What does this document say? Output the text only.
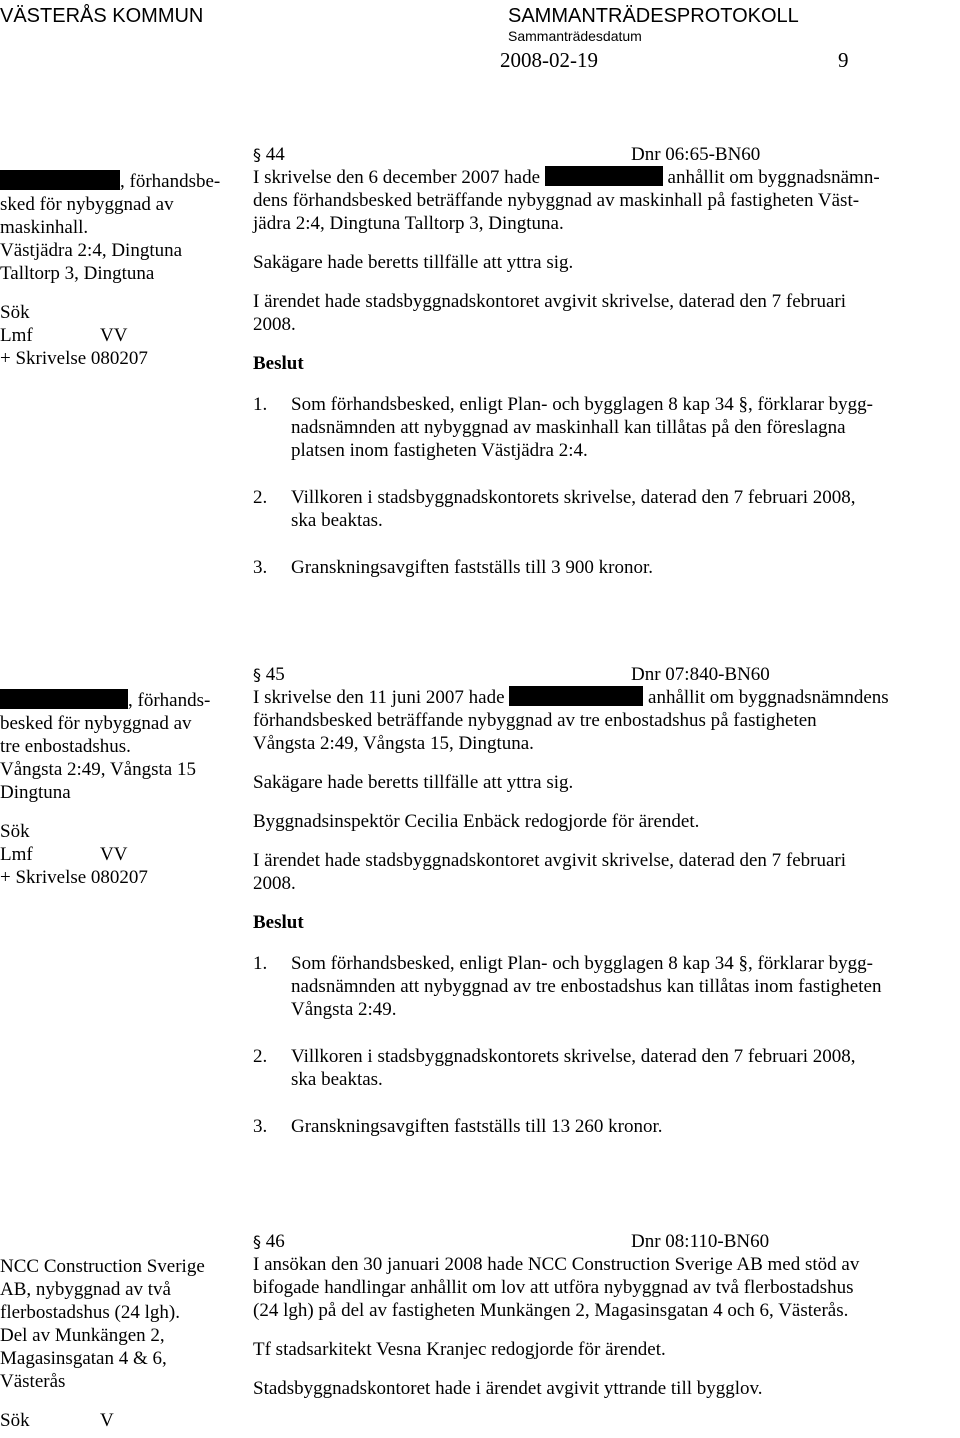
VÄSTERÅS KOMMUN	SAMMANTRÄDESPROTOKOLL
Sammanträdesdatum
2008-02-19	9
, förhandsbe-
sked för nybyggnad av
maskinhall.
Västjädra 2:4, Dingtuna
Talltorp 3, Dingtuna
Sök
Lmf	VV
+ Skrivelse 080207
§ 44	Dnr 06:65-BN60
I skrivelse den 6 december 2007 hade	anhållit om byggnadsnämn-
dens förhandsbesked beträffande nybyggnad av maskinhall på fastigheten Väst-
jädra 2:4, Dingtuna Talltorp 3, Dingtuna.
Sakägare hade beretts tillfälle att yttra sig.
I ärendet hade stadsbyggnadskontoret avgivit skrivelse, daterad den 7 februari
2008.
Beslut
1. Som förhandsbesked, enligt Plan- och bygglagen 8 kap 34 §, förklarar bygg-
nadsnämnden att nybyggnad av maskinhall kan tillåtas på den föreslagna
platsen inom fastigheten Västjädra 2:4.
2. Villkoren i stadsbyggnadskontorets skrivelse, daterad den 7 februari 2008,
ska beaktas.
3. Granskningsavgiften fastställs till 3 900 kronor.
, förhands-
besked för nybyggnad av
tre enbostadshus.
Vångsta 2:49, Vångsta 15
Dingtuna
Sök
Lmf	VV
+ Skrivelse 080207
§ 45	Dnr 07:840-BN60
I skrivelse den 11 juni 2007 hade	anhållit om byggnadsnämndens
förhandsbesked beträffande nybyggnad av tre enbostadshus på fastigheten
Vångsta 2:49, Vångsta 15, Dingtuna.
Sakägare hade beretts tillfälle att yttra sig.
Byggnadsinspektör Cecilia Enbäck redogjorde för ärendet.
I ärendet hade stadsbyggnadskontoret avgivit skrivelse, daterad den 7 februari
2008.
Beslut
1. Som förhandsbesked, enligt Plan- och bygglagen 8 kap 34 §, förklarar bygg-
nadsnämnden att nybyggnad av tre enbostadshus kan tillåtas inom fastigheten
Vångsta 2:49.
2. Villkoren i stadsbyggnadskontorets skrivelse, daterad den 7 februari 2008,
ska beaktas.
3. Granskningsavgiften fastställs till 13 260 kronor.
NCC Construction Sverige
AB, nybyggnad av två
flerbostadshus (24 lgh).
Del av Munkängen 2,
Magasinsgatan 4 & 6,
Västerås
Sök	V
§ 46	Dnr 08:110-BN60
I ansökan den 30 januari 2008 hade NCC Construction Sverige AB med stöd av
bifogade handlingar anhållit om lov att utföra nybyggnad av två flerbostadshus
(24 lgh) på del av fastigheten Munkängen 2, Magasinsgatan 4 och 6, Västerås.
Tf stadsarkitekt Vesna Kranjec redogjorde för ärendet.
Stadsbyggnadskontoret hade i ärendet avgivit yttrande till bygglov.
